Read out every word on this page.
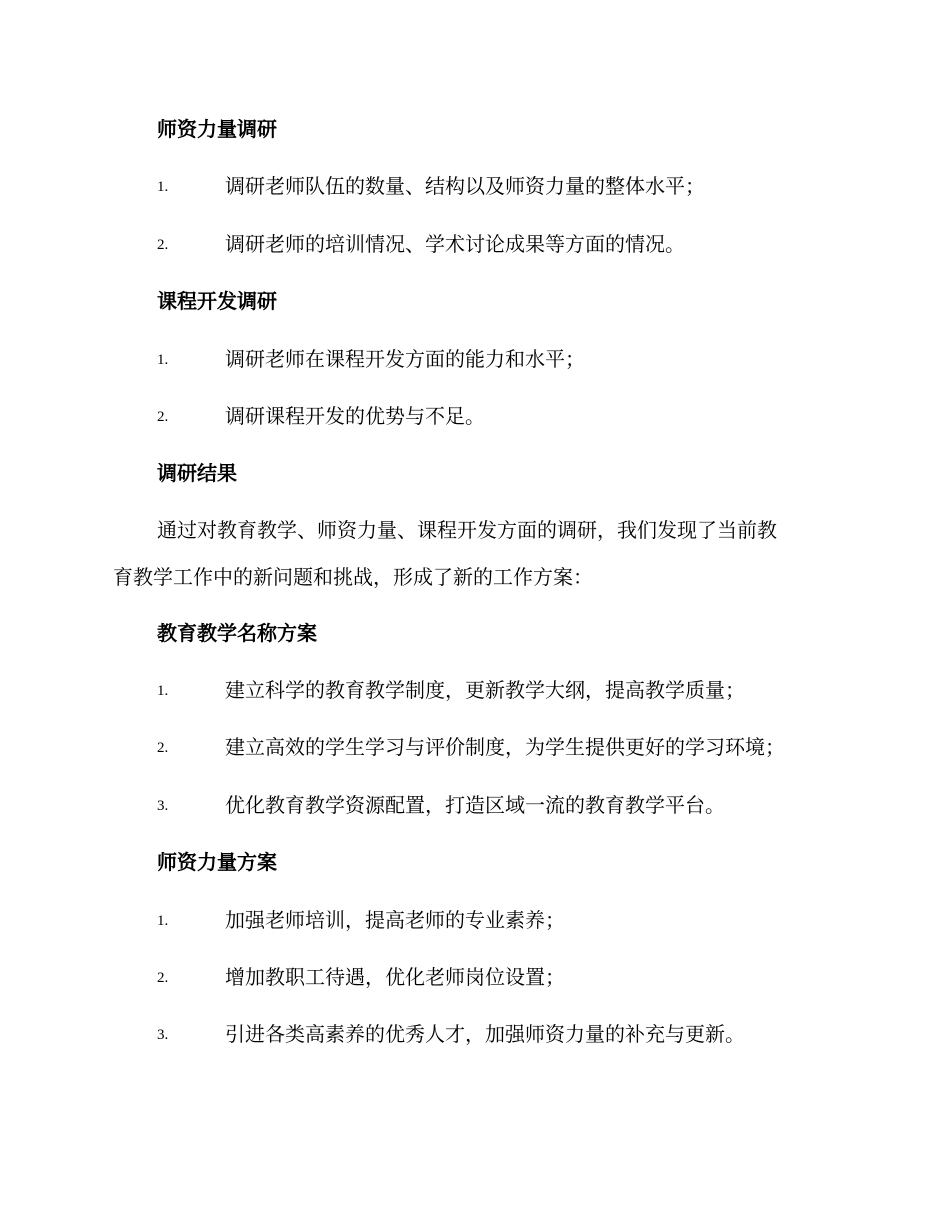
师资力量调研
1.	调研老师队伍的数量、结构以及师资力量的整体水平；
2.	调研老师的培训情况、学术讨论成果等方面的情况。
课程开发调研
1.	调研老师在课程开发方面的能力和水平；
2.	调研课程开发的优势与不足。
调研结果
通过对教育教学、师资力量、课程开发方面的调研，我们发现了当前教
育教学工作中的新问题和挑战，形成了新的工作方案：
教育教学名称方案
1.	建立科学的教育教学制度，更新教学大纲，提高教学质量；
2.	建立高效的学生学习与评价制度，为学生提供更好的学习环境；
3.	优化教育教学资源配置，打造区域一流的教育教学平台。
师资力量方案
1.	加强老师培训，提高老师的专业素养；
2.	增加教职工待遇，优化老师岗位设置；
3.	引进各类高素养的优秀人才，加强师资力量的补充与更新。
